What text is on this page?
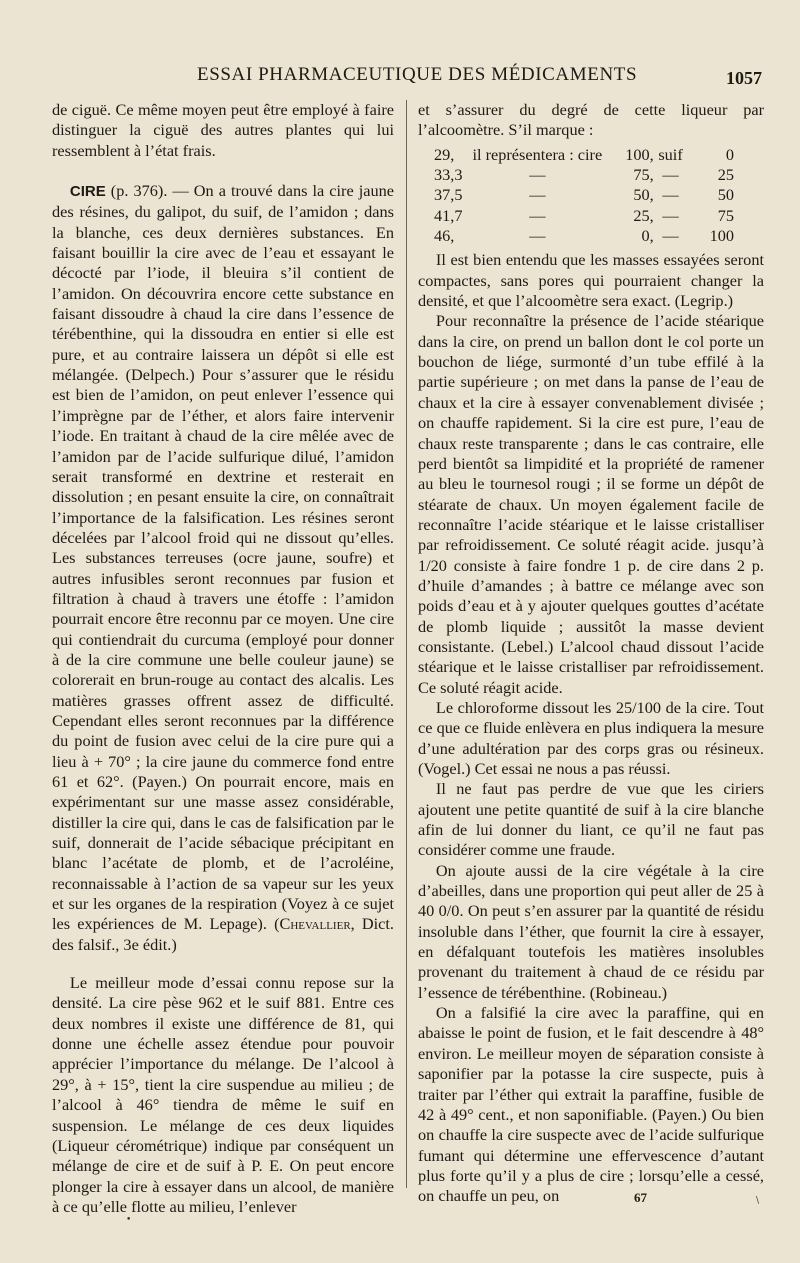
ESSAI PHARMACEUTIQUE DES MÉDICAMENTS	1057

de ciguë. Ce même moyen peut être employé à faire distinguer la ciguë des autres plantes qui lui ressemblent à l’état frais.

CIRE (p. 376). — On a trouvé dans la cire jaune des résines, du galipot, du suif, de l’amidon ; dans la blanche, ces deux dernières substances. En faisant bouillir la cire avec de l’eau et essayant le décocté par l’iode, il bleuira s’il contient de l’amidon. On découvrira encore cette substance en faisant dissoudre à chaud la cire dans l’essence de térébenthine, qui la dissoudra en entier si elle est pure, et au contraire laissera un dépôt si elle est mélangée. (Delpech.) Pour s’assurer que le résidu est bien de l’amidon, on peut enlever l’essence qui l’imprègne par de l’éther, et alors faire intervenir l’iode. En traitant à chaud de la cire mêlée avec de l’amidon par de l’acide sulfurique dilué, l’amidon serait transformé en dextrine et resterait en dissolution ; en pesant ensuite la cire, on connaîtrait l’importance de la falsification. Les résines seront décelées par l’alcool froid qui ne dissout qu’elles. Les substances terreuses (ocre jaune, soufre) et autres infusibles seront reconnues par fusion et filtration à chaud à travers une étoffe : l’amidon pourrait encore être reconnu par ce moyen. Une cire qui contiendrait du curcuma (employé pour donner à de la cire commune une belle couleur jaune) se colorerait en brun-rouge au contact des alcalis. Les matières grasses offrent assez de difficulté. Cependant elles seront reconnues par la différence du point de fusion avec celui de la cire pure qui a lieu à + 70° ; la cire jaune du commerce fond entre 61 et 62°. (Payen.) On pourrait encore, mais en expérimentant sur une masse assez considérable, distiller la cire qui, dans le cas de falsification par le suif, donnerait de l’acide sébacique précipitant en blanc l’acétate de plomb, et de l’acroléine, reconnaissable à l’action de sa vapeur sur les yeux et sur les organes de la respiration (Voyez à ce sujet les expériences de M. Lepage). (Chevallier, Dict. des falsif., 3e édit.)

Le meilleur mode d’essai connu repose sur la densité. La cire pèse 962 et le suif 881. Entre ces deux nombres il existe une différence de 81, qui donne une échelle assez étendue pour pouvoir apprécier l’importance du mélange. De l’alcool à 29°, à + 15°, tient la cire suspendue au milieu ; de l’alcool à 46° tiendra de même le suif en suspension. Le mélange de ces deux liquides (Liqueur cérométrique) indique par conséquent un mélange de cire et de suif à P. E. On peut encore plonger la cire à essayer dans un alcool, de manière à ce qu’elle flotte au milieu, l’enlever

et s’assurer du degré de cette liqueur par l’alcoomètre. S’il marque :

29,	il représentera : cire	100,	suif	0
33,3	—	75,	—	25
37,5	—	50,	—	50
41,7	—	25,	—	75
46,	—	0,	—	100

Il est bien entendu que les masses essayées seront compactes, sans pores qui pourraient changer la densité, et que l’alcoomètre sera exact. (Legrip.)

Pour reconnaître la présence de l’acide stéarique dans la cire, on prend un ballon dont le col porte un bouchon de liége, surmonté d’un tube effilé à la partie supérieure ; on met dans la panse de l’eau de chaux et la cire à essayer convenablement divisée ; on chauffe rapidement. Si la cire est pure, l’eau de chaux reste transparente ; dans le cas contraire, elle perd bientôt sa limpidité et la propriété de ramener au bleu le tournesol rougi ; il se forme un dépôt de stéarate de chaux. Un moyen également facile de reconnaître l’acide stéarique et le laisse cristalliser par refroidissement. Ce soluté réagit acide. jusqu’à 1/20 consiste à faire fondre 1 p. de cire dans 2 p. d’huile d’amandes ; à battre ce mélange avec son poids d’eau et à y ajouter quelques gouttes d’acétate de plomb liquide ; aussitôt la masse devient consistante. (Lebel.) L’alcool chaud dissout l’acide stéarique et le laisse cristalliser par refroidissement. Ce soluté réagit acide.

Le chloroforme dissout les 25/100 de la cire. Tout ce que ce fluide enlèvera en plus indiquera la mesure d’une adultération par des corps gras ou résineux. (Vogel.) Cet essai ne nous a pas réussi.

Il ne faut pas perdre de vue que les ciriers ajoutent une petite quantité de suif à la cire blanche afin de lui donner du liant, ce qu’il ne faut pas considérer comme une fraude.

On ajoute aussi de la cire végétale à la cire d’abeilles, dans une proportion qui peut aller de 25 à 40 0/0. On peut s’en assurer par la quantité de résidu insoluble dans l’éther, que fournit la cire à essayer, en défalquant toutefois les matières insolubles provenant du traitement à chaud de ce résidu par l’essence de térébenthine. (Robineau.)

On a falsifié la cire avec la paraffine, qui en abaisse le point de fusion, et le fait descendre à 48° environ. Le meilleur moyen de séparation consiste à saponifier par la potasse la cire suspecte, puis à traiter par l’éther qui extrait la paraffine, fusible de 42 à 49° cent., et non saponifiable. (Payen.) Ou bien on chauffe la cire suspecte avec de l’acide sulfurique fumant qui détermine une effervescence d’autant plus forte qu’il y a plus de cire ; lorsqu’elle a cessé, on chauffe un peu, on	67
•
\
